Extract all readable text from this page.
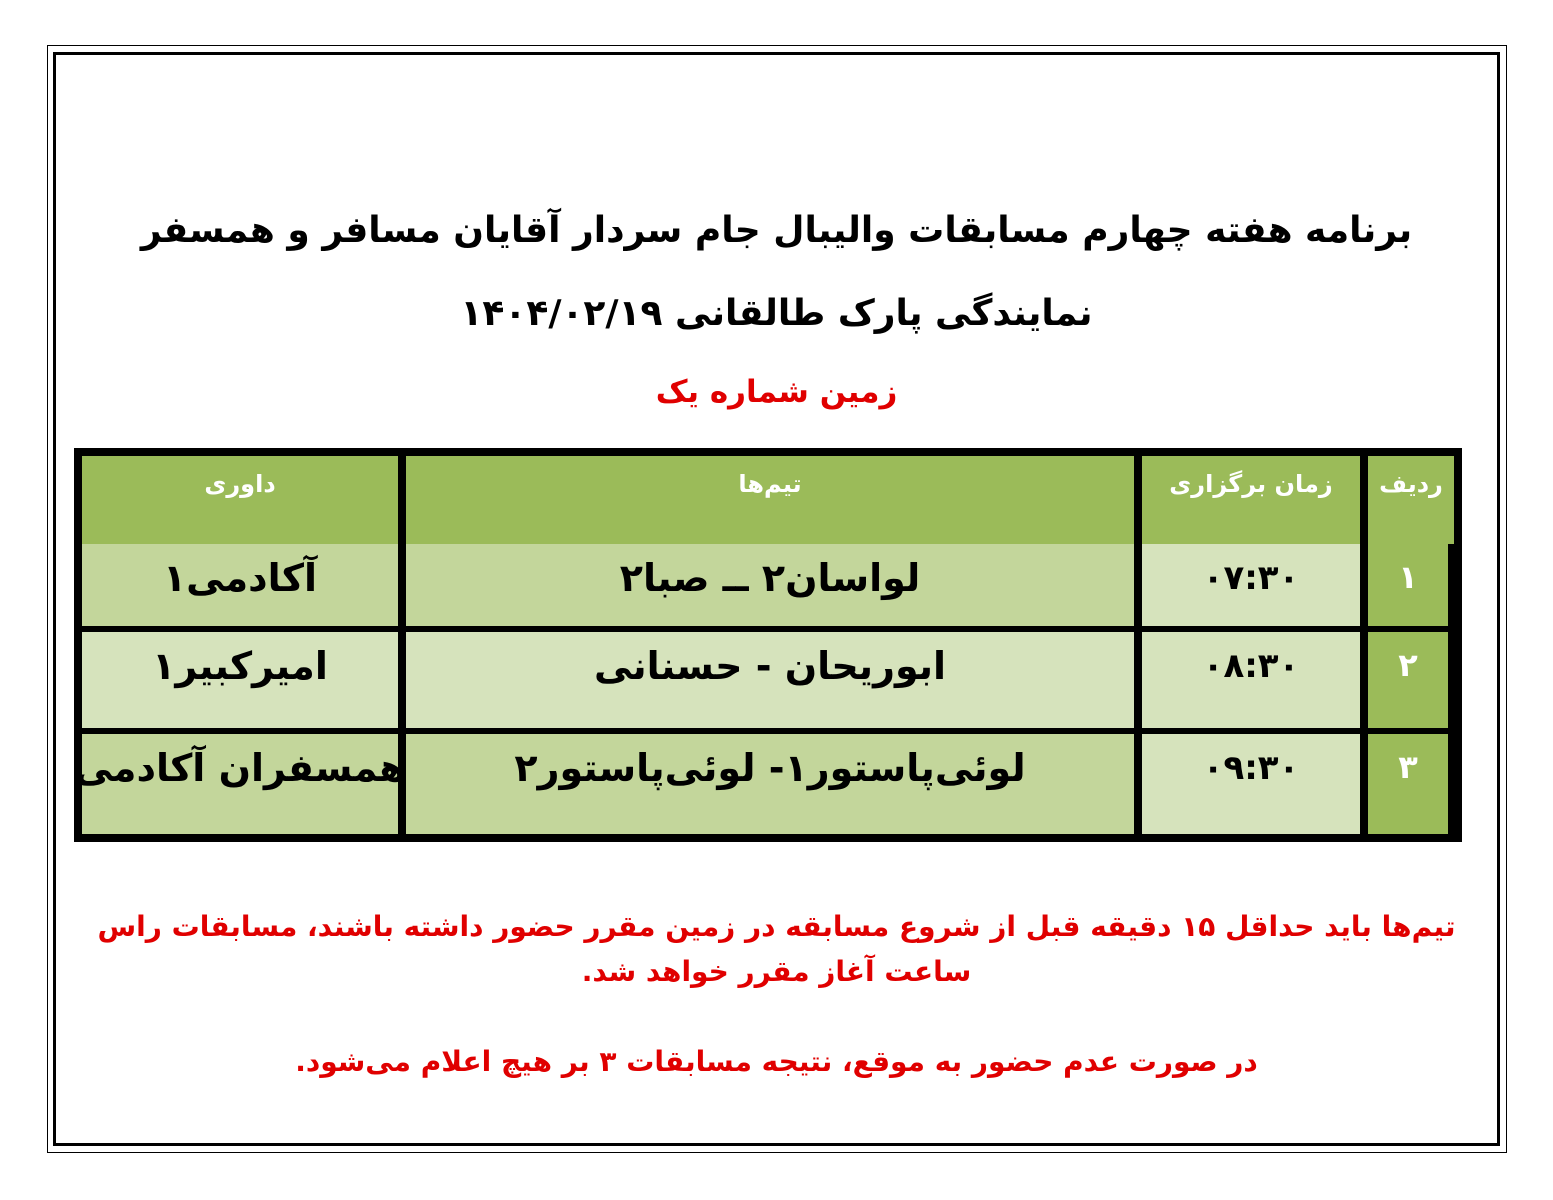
برنامه هفته چهارم مسابقات والیبال جام سردار آقایان مسافر و همسفر
نمایندگی پارک طالقانی ۱۴۰۴/۰۲/۱۹
زمین شماره یک
ردیف
زمان برگزاری
تیم‌ها
داوری
۱
۰۷:۳۰
لواسان۲ ــ صبا۲
آکادمی۱
۲
۰۸:۳۰
ابوریحان - حسنانی
امیرکبیر۱
۳
۰۹:۳۰
لوئی‌پاستور۱- لوئی‌پاستور۲
همسفران آکادمی
تیم‌ها باید حداقل ۱۵ دقیقه قبل از شروع مسابقه در زمین مقرر حضور داشته باشند، مسابقات راس
ساعت آغاز مقرر خواهد شد.
در صورت عدم حضور به موقع، نتیجه مسابقات ۳ بر هیچ اعلام می‌شود.
